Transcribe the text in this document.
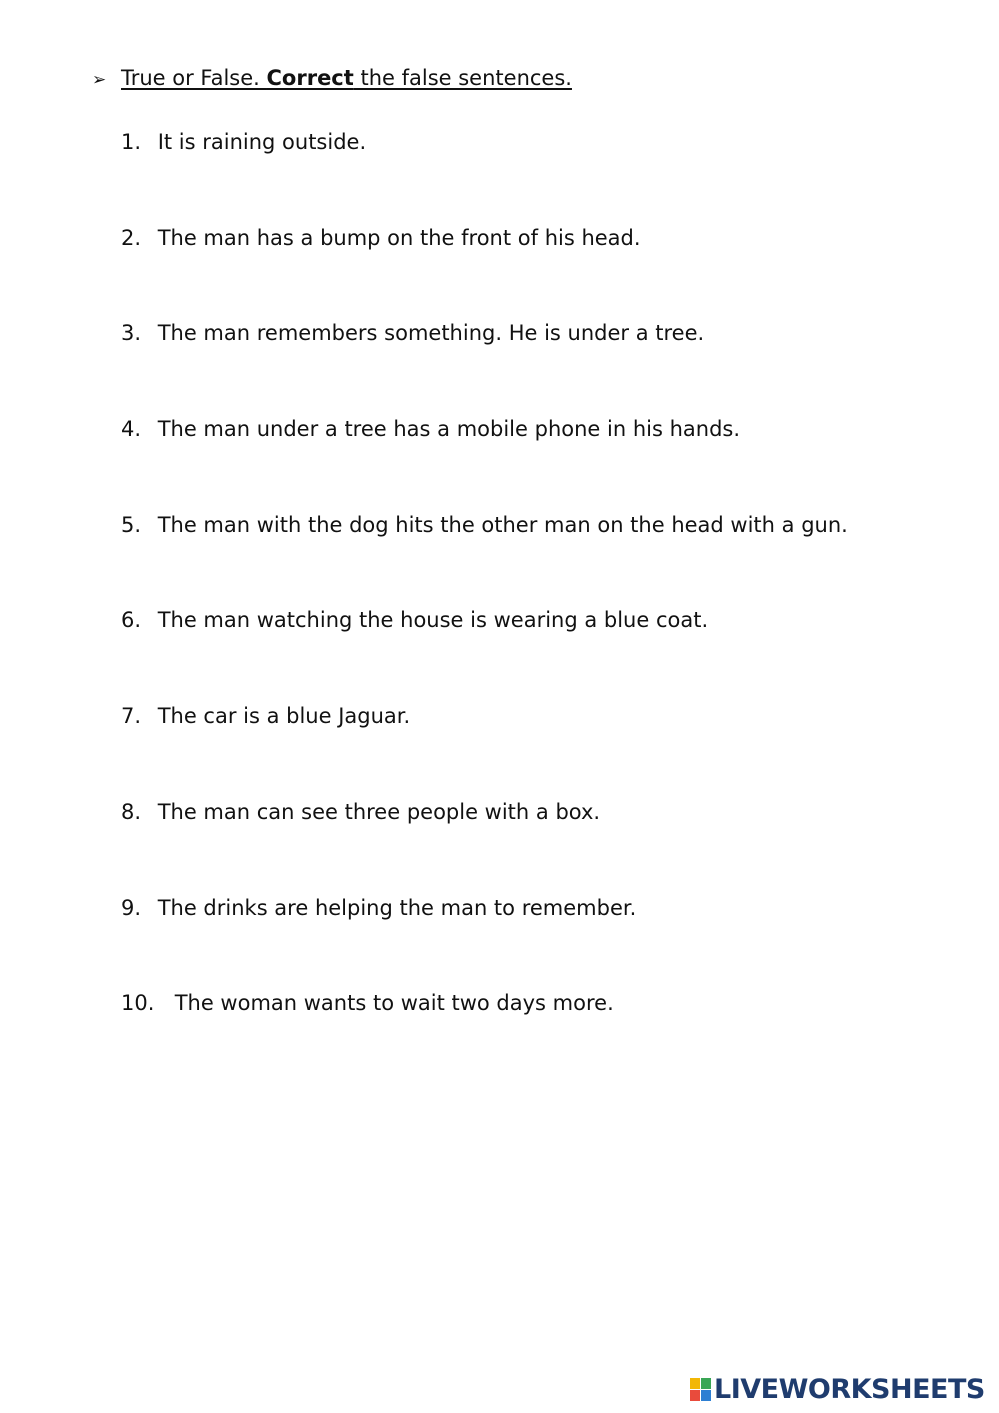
➢ True or False. Correct the false sentences.
1. It is raining outside.
2. The man has a bump on the front of his head.
3. The man remembers something. He is under a tree.
4. The man under a tree has a mobile phone in his hands.
5. The man with the dog hits the other man on the head with a gun.
6. The man watching the house is wearing a blue coat.
7. The car is a blue Jaguar.
8. The man can see three people with a box.
9. The drinks are helping the man to remember.
10. The woman wants to wait two days more.
LIVEWORKSHEETS
